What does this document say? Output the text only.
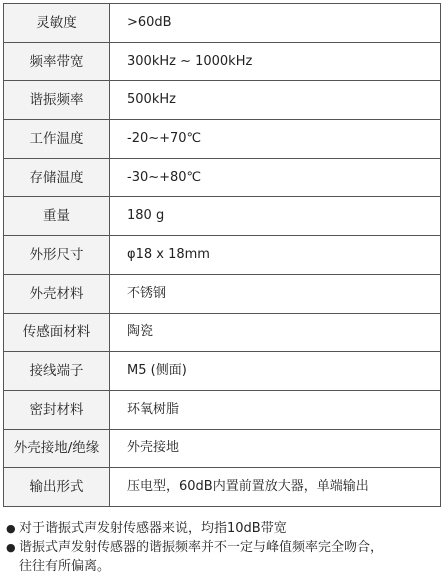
灵敏度	>60dB
频率带宽	300kHz ~ 1000kHz
谐振频率	500kHz
工作温度	-20~+70℃
存储温度	-30~+80℃
重量	180 g
外形尺寸	φ18 x 18mm
外壳材料	不锈钢
传感面材料	陶瓷
接线端子	M5 (侧面)
密封材料	环氧树脂
外壳接地/绝缘	外壳接地
输出形式	压电型，60dB内置前置放大器，单端输出
● 对于谐振式声发射传感器来说，均指10dB带宽
● 谐振式声发射传感器的谐振频率并不一定与峰值频率完全吻合，
往往有所偏离。
